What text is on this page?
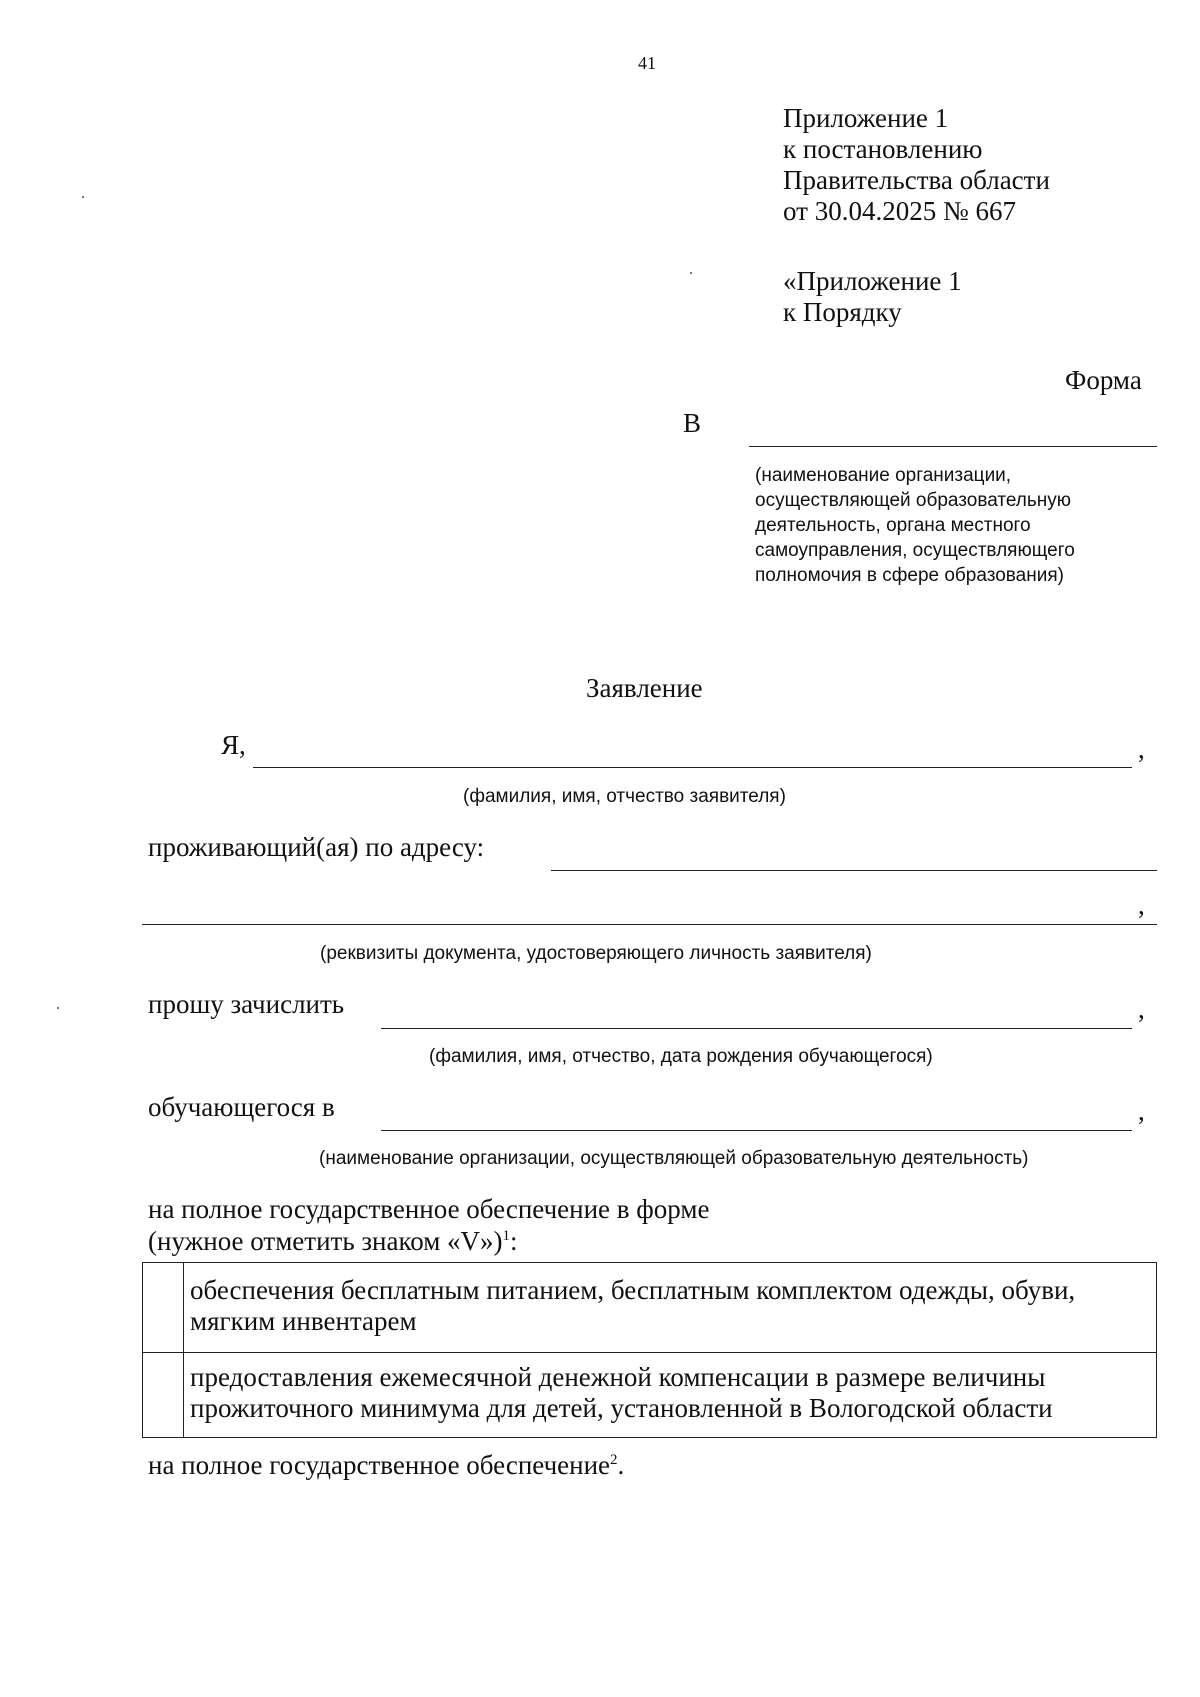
41
Приложение 1
к постановлению
Правительства области
от 30.04.2025 № 667
«Приложение 1
к Порядку
Форма
В
(наименование организации,
осуществляющей образовательную
деятельность, органа местного
самоуправления, осуществляющего
полномочия в сфере образования)
Заявление
Я,	,
(фамилия, имя, отчество заявителя)
проживающий(ая) по адресу:
,
(реквизиты документа, удостоверяющего личность заявителя)
прошу зачислить	,
(фамилия, имя, отчество, дата рождения обучающегося)
обучающегося в	,
(наименование организации, осуществляющей образовательную деятельность)
на полное государственное обеспечение в форме
(нужное отметить знаком «V»)$^1$:
обеспечения бесплатным питанием, бесплатным комплектом одежды, обуви,
мягким инвентарем
предоставления ежемесячной денежной компенсации в размере величины
прожиточного минимума для детей, установленной в Вологодской области
на полное государственное обеспечение$^2$.
